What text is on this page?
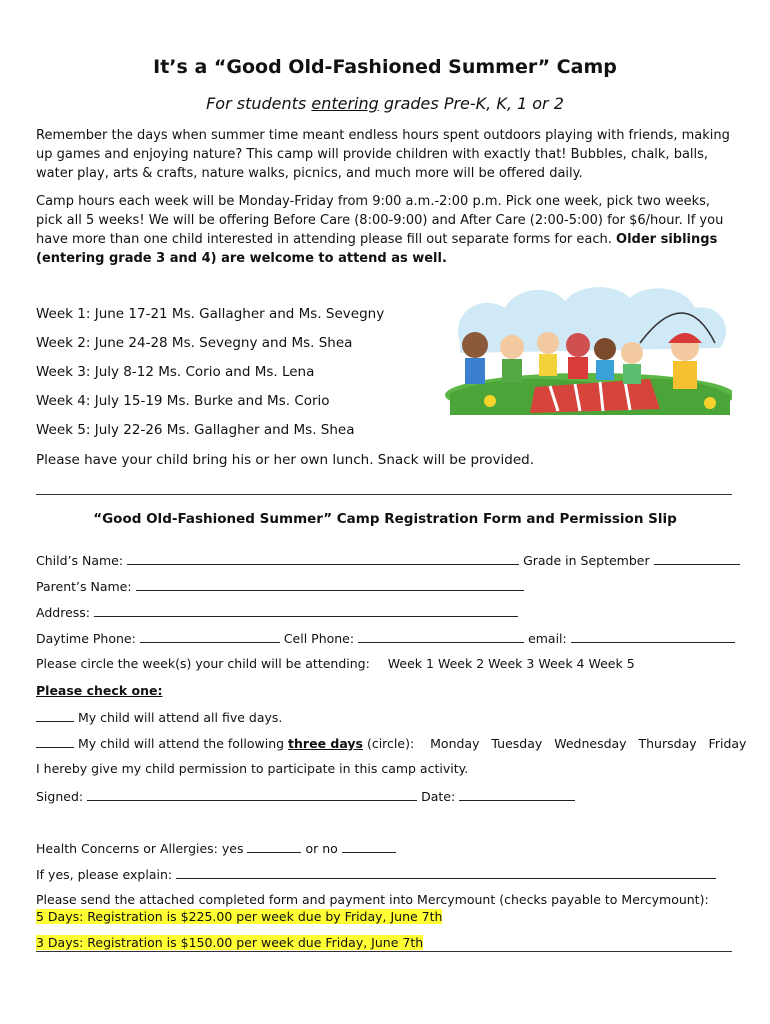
It’s a “Good Old-Fashioned Summer” Camp
For students entering grades Pre-K, K, 1 or 2
Remember the days when summer time meant endless hours spent outdoors playing with friends, making up games and enjoying nature? This camp will provide children with exactly that! Bubbles, chalk, balls, water play, arts & crafts, nature walks, picnics, and much more will be offered daily.
Camp hours each week will be Monday-Friday from 9:00 a.m.-2:00 p.m. Pick one week, pick two weeks, pick all 5 weeks! We will be offering Before Care (8:00-9:00) and After Care (2:00-5:00) for $6/hour. If you have more than one child interested in attending please fill out separate forms for each. Older siblings (entering grade 3 and 4) are welcome to attend as well.
Week 1: June 17-21 Ms. Gallagher and Ms. Sevegny
Week 2: June 24-28 Ms. Sevegny and Ms. Shea
Week 3: July 8-12 Ms. Corio and Ms. Lena
Week 4: July 15-19 Ms. Burke and Ms. Corio
Week 5: July 22-26 Ms. Gallagher and Ms. Shea
Please have your child bring his or her own lunch. Snack will be provided.
“Good Old-Fashioned Summer” Camp Registration Form and Permission Slip
Child’s Name:	Grade in September
Parent’s Name:
Address:
Daytime Phone:	Cell Phone:	email:
Please circle the week(s) your child will be attending: Week 1 Week 2 Week 3 Week 4 Week 5
Please check one:
My child will attend all five days.
My child will attend the following three days (circle): Monday Tuesday Wednesday Thursday Friday
I hereby give my child permission to participate in this camp activity.
Signed:	Date:
Health Concerns or Allergies: yes	or no
If yes, please explain:
Please send the attached completed form and payment into Mercymount (checks payable to Mercymount):
5 Days: Registration is $225.00 per week due by Friday, June 7th
3 Days: Registration is $150.00 per week due Friday, June 7th
